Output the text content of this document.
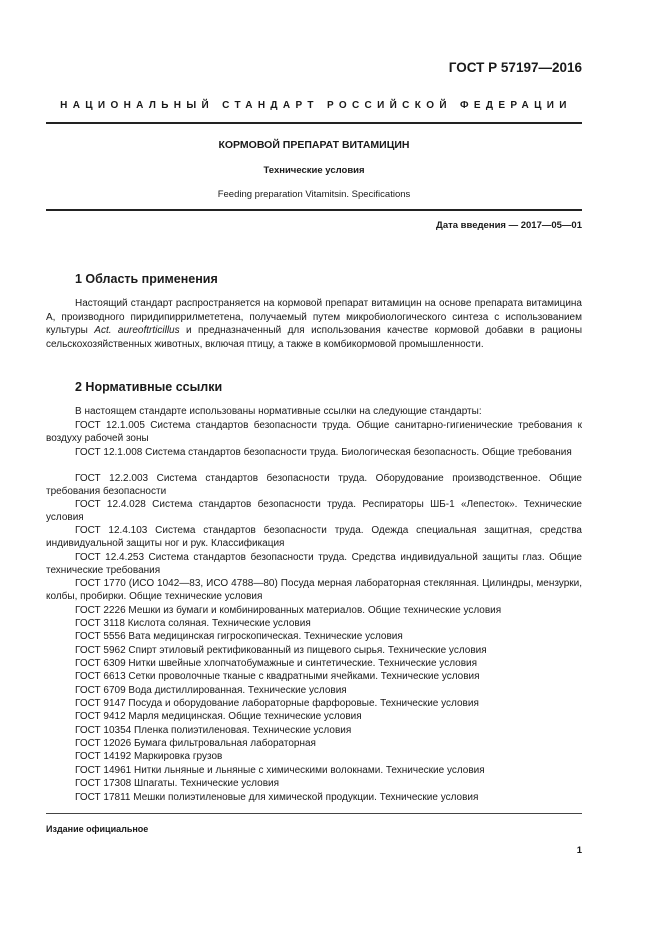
ГОСТ Р 57197—2016
НАЦИОНАЛЬНЫЙ СТАНДАРТ РОССИЙСКОЙ ФЕДЕРАЦИИ
КОРМОВОЙ ПРЕПАРАТ ВИТАМИЦИН
Технические условия
Feeding preparation Vitamitsin. Specifications
Дата введения — 2017—05—01
1 Область применения
Настоящий стандарт распространяется на кормовой препарат витамицин на основе препарата витамицина А, производного пиридипиррилмететена, получаемый путем микробиологического синтеза с использованием культуры Act. aureoftrticillus и предназначенный для использования качестве кормовой добавки в рационы сельскохозяйственных животных, включая птицу, а также в комбикормовой промышленности.
2 Нормативные ссылки
В настоящем стандарте использованы нормативные ссылки на следующие стандарты:
ГОСТ 12.1.005 Система стандартов безопасности труда. Общие санитарно-гигиенические требования к воздуху рабочей зоны
ГОСТ 12.1.008 Система стандартов безопасности труда. Биологическая безопасность. Общие требования
ГОСТ 12.2.003 Система стандартов безопасности труда. Оборудование производственное. Общие требования безопасности
ГОСТ 12.4.028 Система стандартов безопасности труда. Респираторы ШБ-1 «Лепесток». Технические условия
ГОСТ 12.4.103 Система стандартов безопасности труда. Одежда специальная защитная, средства индивидуальной защиты ног и рук. Классификация
ГОСТ 12.4.253 Система стандартов безопасности труда. Средства индивидуальной защиты глаз. Общие технические требования
ГОСТ 1770 (ИСО 1042—83, ИСО 4788—80) Посуда мерная лабораторная стеклянная. Цилиндры, мензурки, колбы, пробирки. Общие технические условия
ГОСТ 2226 Мешки из бумаги и комбинированных материалов. Общие технические условия
ГОСТ 3118 Кислота соляная. Технические условия
ГОСТ 5556 Вата медицинская гигроскопическая. Технические условия
ГОСТ 5962 Спирт этиловый ректификованный из пищевого сырья. Технические условия
ГОСТ 6309 Нитки швейные хлопчатобумажные и синтетические. Технические условия
ГОСТ 6613 Сетки проволочные тканые с квадратными ячейками. Технические условия
ГОСТ 6709 Вода дистиллированная. Технические условия
ГОСТ 9147 Посуда и оборудование лабораторные фарфоровые. Технические условия
ГОСТ 9412 Марля медицинская. Общие технические условия
ГОСТ 10354 Пленка полиэтиленовая. Технические условия
ГОСТ 12026 Бумага фильтровальная лабораторная
ГОСТ 14192 Маркировка грузов
ГОСТ 14961 Нитки льняные и льняные с химическими волокнами. Технические условия
ГОСТ 17308 Шпагаты. Технические условия
ГОСТ 17811 Мешки полиэтиленовые для химической продукции. Технические условия
Издание официальное
1
